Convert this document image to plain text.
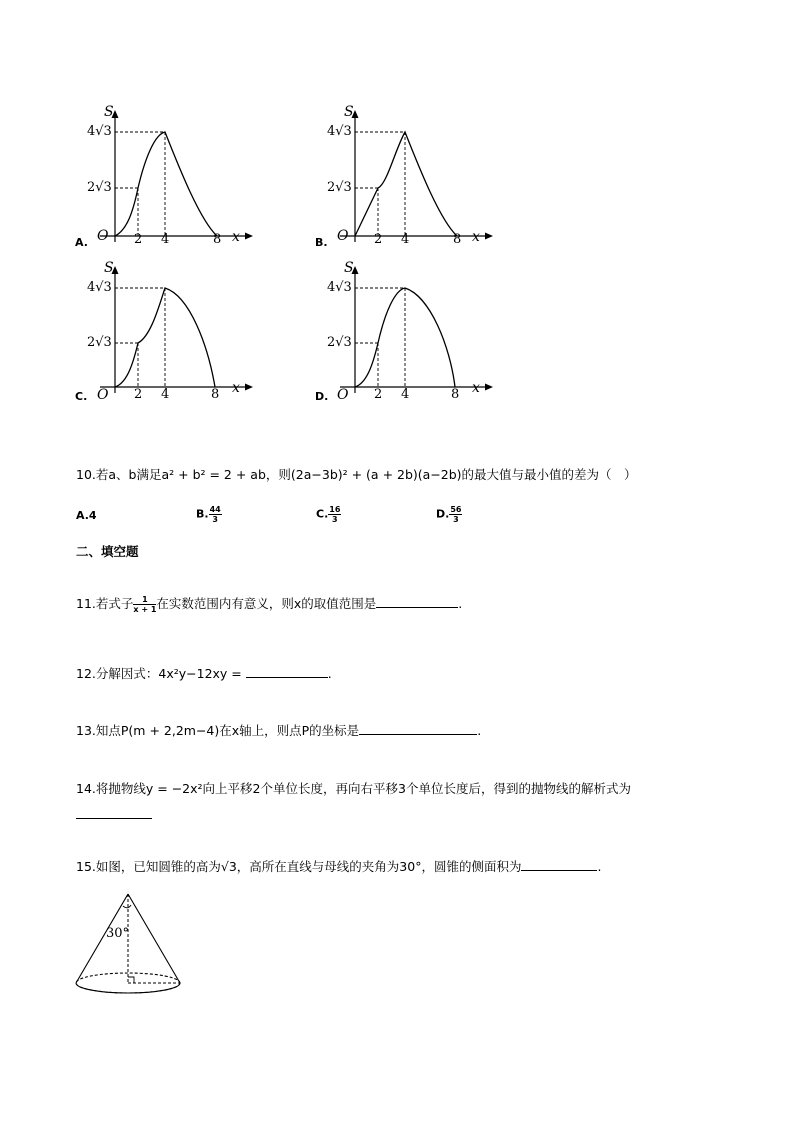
S
x
O
4√3
2√3
2 4	8
A.
S
x
O
4√3
2√3
2 4	8
B.
S
x
O
4√3
2√3
2 4	8
C.
S
x
O
4√3
2√3
2 4	8
D.
10.若a、b满足a² + b² = 2 + ab，则(2a−3b)² + (a + 2b)(a−2b)的最大值与最小值的差为（　）
A.4	B. $\frac{44}{3}$	C. $\frac{16}{3}$	D. $\frac{56}{3}$
二、填空题
11.若式子 $\frac{1}{x + 1}$ 在实数范围内有意义，则x的取值范围是	.
12.分解因式：4x²y−12xy =	.
13.知点P(m + 2,2m−4)在x轴上，则点P的坐标是	.
14.将抛物线y = −2x²向上平移2个单位长度，再向右平移3个单位长度后，得到的抛物线的解析式为
15.如图，已知圆锥的高为√3，高所在直线与母线的夹角为30°，圆锥的侧面积为	.
30°
